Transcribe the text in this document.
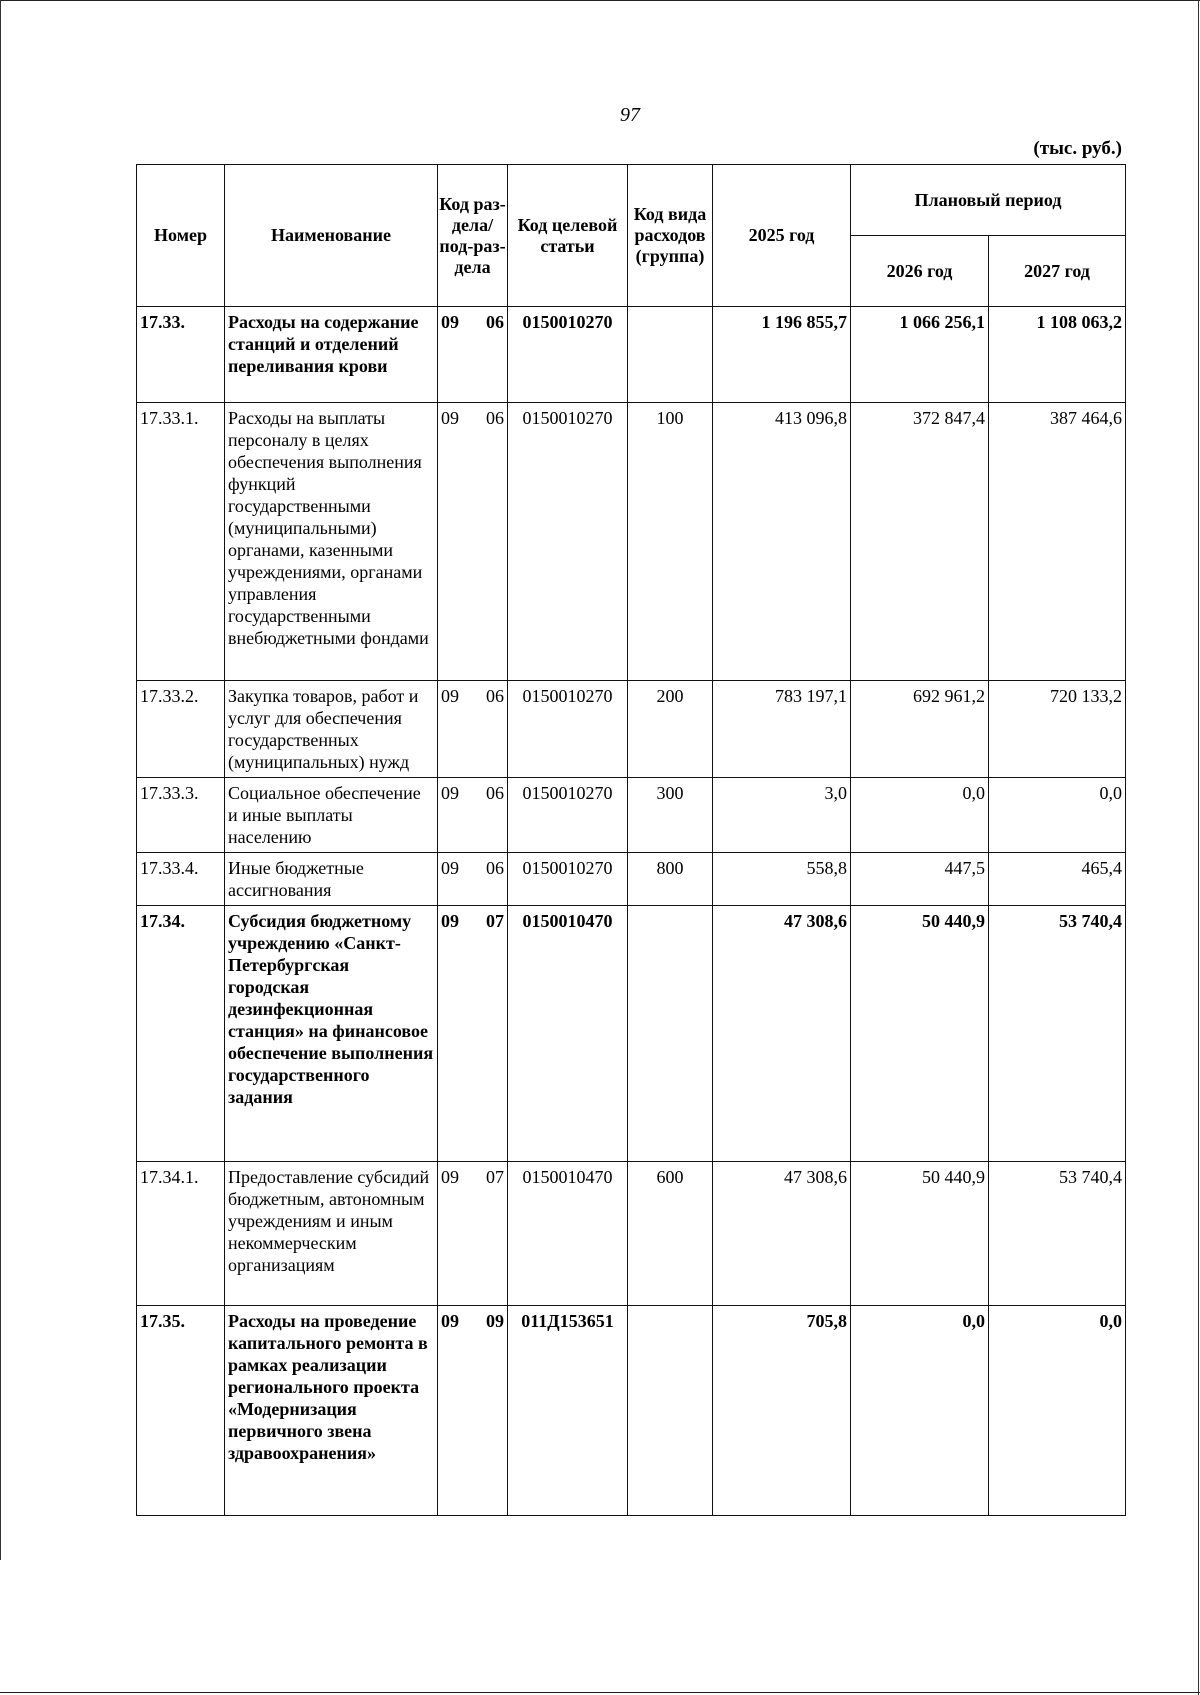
97
(тыс. руб.)
Номер	Наименование	Код раз-дела/ под-раз-дела	Код целевой статьи	Код вида расходов (группа)	2025 год	Плановый период	
						2026 год	2027 год
17.33.	Расходы на содержание станций и отделений переливания крови	09 06	0150010270		1 196 855,7	1 066 256,1	1 108 063,2
17.33.1.	Расходы на выплаты персоналу в целях обеспечения выполнения функций государственными (муниципальными) органами, казенными учреждениями, органами управления государственными внебюджетными фондами	09 06	0150010270	100	413 096,8	372 847,4	387 464,6
17.33.2.	Закупка товаров, работ и услуг для обеспечения государственных (муниципальных) нужд	09 06	0150010270	200	783 197,1	692 961,2	720 133,2
17.33.3.	Социальное обеспечение и иные выплаты населению	09 06	0150010270	300	3,0	0,0	0,0
17.33.4.	Иные бюджетные ассигнования	09 06	0150010270	800	558,8	447,5	465,4
17.34.	Субсидия бюджетному учреждению «Санкт-Петербургская городская дезинфекционная станция» на финансовое обеспечение выполнения государственного задания	09 07	0150010470		47 308,6	50 440,9	53 740,4
17.34.1.	Предоставление субсидий бюджетным, автономным учреждениям и иным некоммерческим организациям	09 07	0150010470	600	47 308,6	50 440,9	53 740,4
17.35.	Расходы на проведение капитального ремонта в рамках реализации регионального проекта «Модернизация первичного звена здравоохранения»	09 09	011Д153651		705,8	0,0	0,0
